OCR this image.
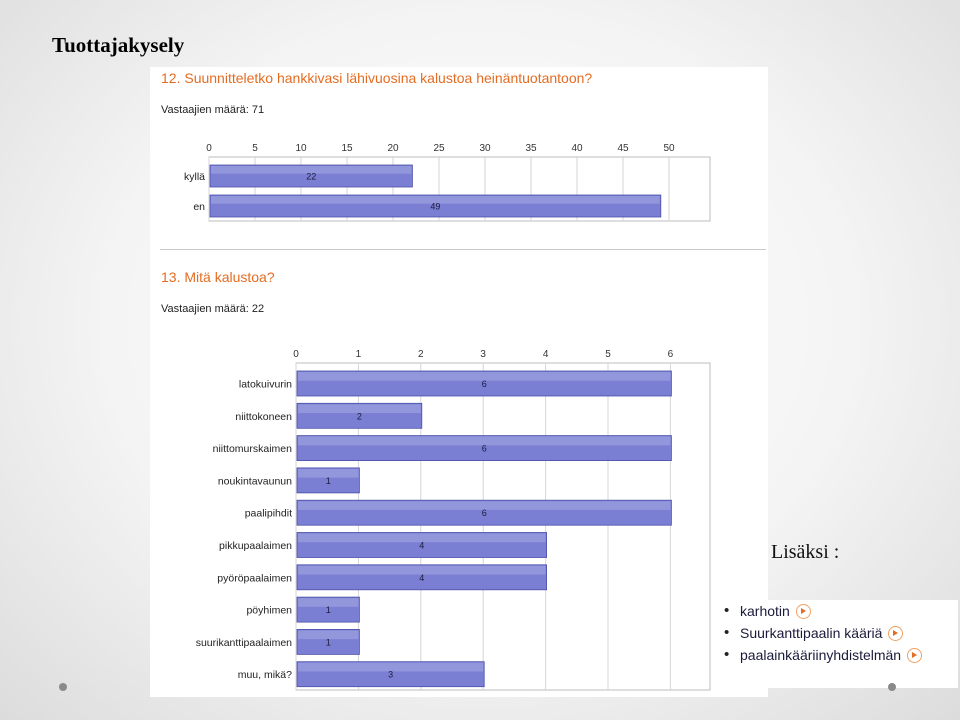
Tuottajakysely
12. Suunnitteletko hankkivasi lähivuosina kalustoa heinäntuotantoon?
Vastaajien määrä: 71
13. Mitä kalustoa?
Vastaajien määrä: 22
0	5	10	15	20	25	30	35	40	45	50
kyllä	22
en	49
0	1	2	3	4	5	6
latokuivurin	6
niittokoneen	2
niittomurskaimen	6
noukintavaunun	1
paalipihdit	6
pikkupaalaimen	4
pyöröpaalaimen	4
pöyhimen	1
suurikanttipaalaimen	1
muu, mikä?	3
Lisäksi :
• karhotin
• Suurkanttipaalin kääriä
• paalainkääriinyhdistelmän
